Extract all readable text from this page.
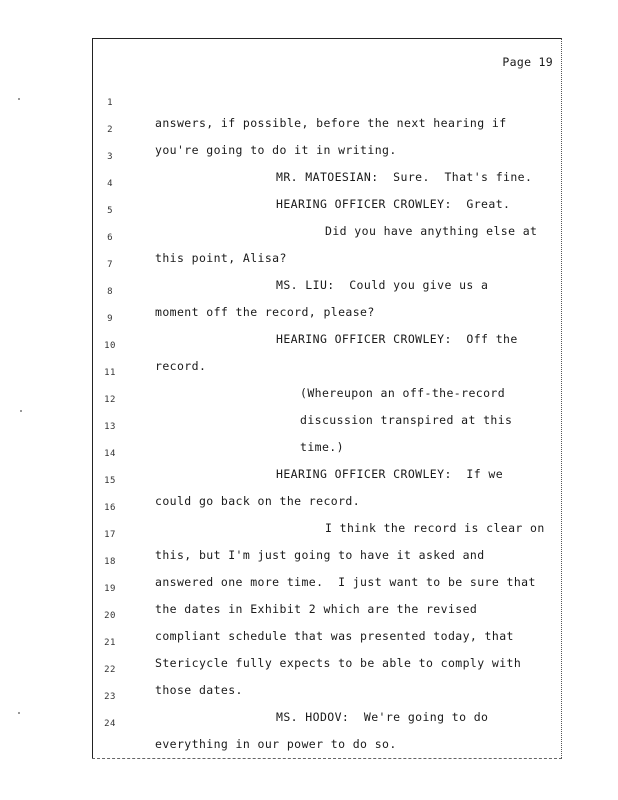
Page 19

1

answers, if possible, before the next hearing if

2

you're going to do it in writing.

3

MR. MATOESIAN:  Sure.  That's fine.

4

HEARING OFFICER CROWLEY:  Great.

5

Did you have anything else at

6

this point, Alisa?

7

MS. LIU:  Could you give us a

8

moment off the record, please?

9

HEARING OFFICER CROWLEY:  Off the

10

record.

11

(Whereupon an off-the-record

12

discussion transpired at this

13

time.)

14

HEARING OFFICER CROWLEY:  If we

15

could go back on the record.

16

I think the record is clear on

17

this, but I'm just going to have it asked and

18

answered one more time.  I just want to be sure that

19

the dates in Exhibit 2 which are the revised

20

compliant schedule that was presented today, that

21

Stericycle fully expects to be able to comply with

22

those dates.

23

MS. HODOV:  We're going to do

24

everything in our power to do so.
